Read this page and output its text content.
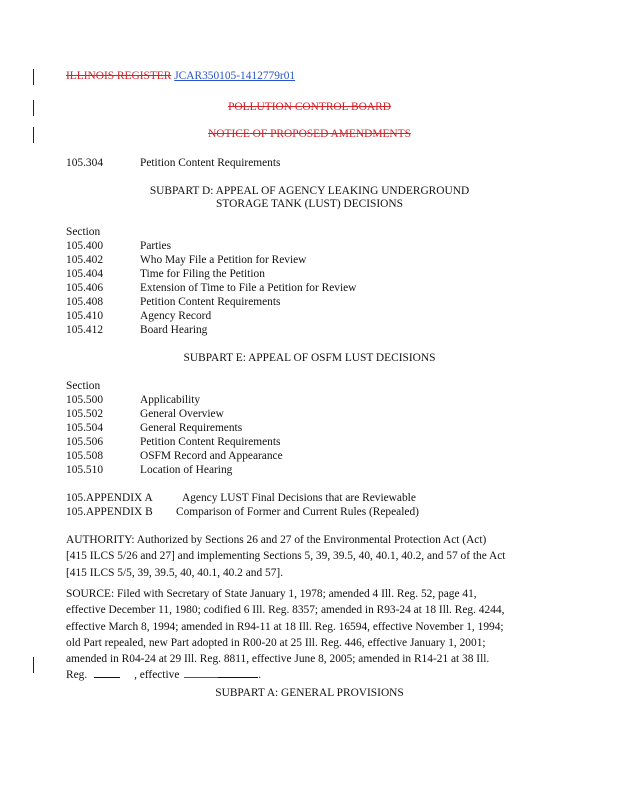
ILLINOIS REGISTER JCAR350105-1412779r01
POLLUTION CONTROL BOARD
NOTICE OF PROPOSED AMENDMENTS
105.304	Petition Content Requirements
SUBPART D: APPEAL OF AGENCY LEAKING UNDERGROUND
STORAGE TANK (LUST) DECISIONS
Section
105.400	Parties
105.402	Who May File a Petition for Review
105.404	Time for Filing the Petition
105.406	Extension of Time to File a Petition for Review
105.408	Petition Content Requirements
105.410	Agency Record
105.412	Board Hearing
SUBPART E: APPEAL OF OSFM LUST DECISIONS
Section
105.500	Applicability
105.502	General Overview
105.504	General Requirements
105.506	Petition Content Requirements
105.508	OSFM Record and Appearance
105.510	Location of Hearing
105.APPENDIX A	Agency LUST Final Decisions that are Reviewable
105.APPENDIX B Comparison of Former and Current Rules (Repealed)
AUTHORITY: Authorized by Sections 26 and 27 of the Environmental Protection Act (Act)
[415 ILCS 5/26 and 27] and implementing Sections 5, 39, 39.5, 40, 40.1, 40.2, and 57 of the Act
[415 ILCS 5/5, 39, 39.5, 40, 40.1, 40.2 and 57].
SOURCE: Filed with Secretary of State January 1, 1978; amended 4 Ill. Reg. 52, page 41,
effective December 11, 1980; codified 6 Ill. Reg. 8357; amended in R93-24 at 18 Ill. Reg. 4244,
effective March 8, 1994; amended in R94-11 at 18 Ill. Reg. 16594, effective November 1, 1994;
old Part repealed, new Part adopted in R00-20 at 25 Ill. Reg. 446, effective January 1, 2001;
amended in R04-24 at 29 Ill. Reg. 8811, effective June 8, 2005; amended in R14-21 at 38 Ill.
Reg.	, effective	.
SUBPART A: GENERAL PROVISIONS
